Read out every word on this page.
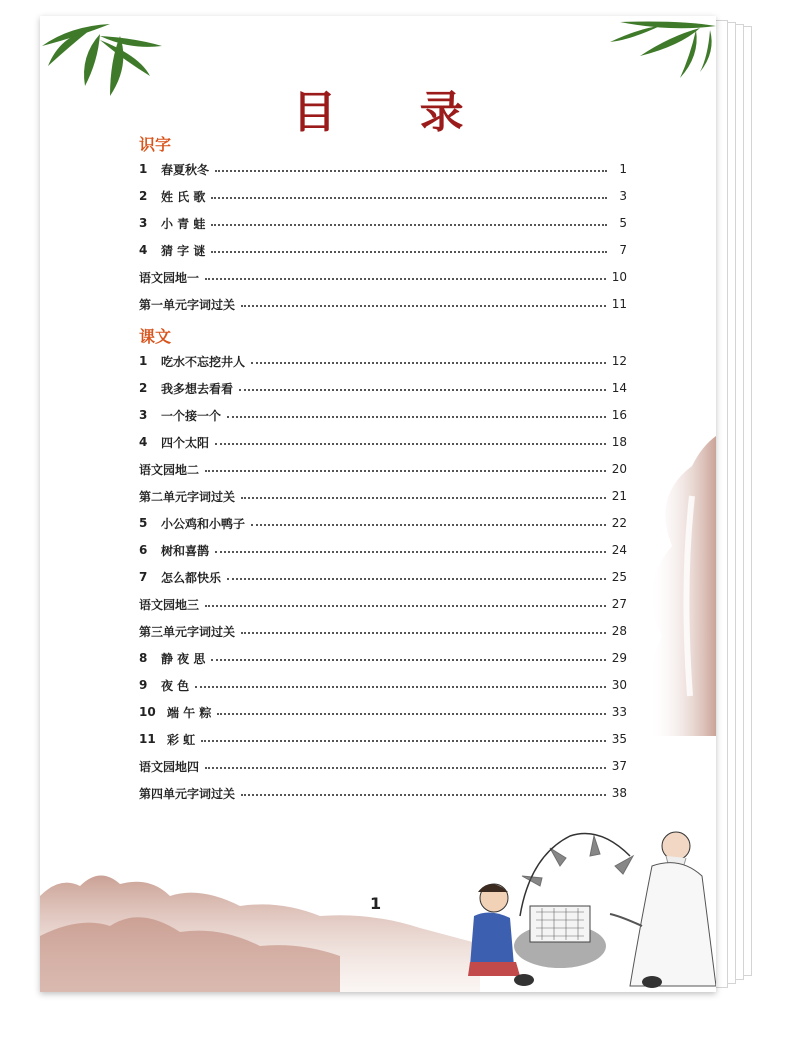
目 录
识字
1	春夏秋冬	1
2	姓 氏 歌	3
3	小 青 蛙	5
4	猜 字 谜	7
语文园地一	10
第一单元字词过关	11
课文
1	吃水不忘挖井人	12
2	我多想去看看	14
3	一个接一个	16
4	四个太阳	18
语文园地二	20
第二单元字词过关	21
5	小公鸡和小鸭子	22
6	树和喜鹊	24
7	怎么都快乐	25
语文园地三	27
第三单元字词过关	28
8	静 夜 思	29
9	夜 色	30
10 端 午 粽	33
11 彩 虹	35
语文园地四	37
第四单元字词过关	38
1
